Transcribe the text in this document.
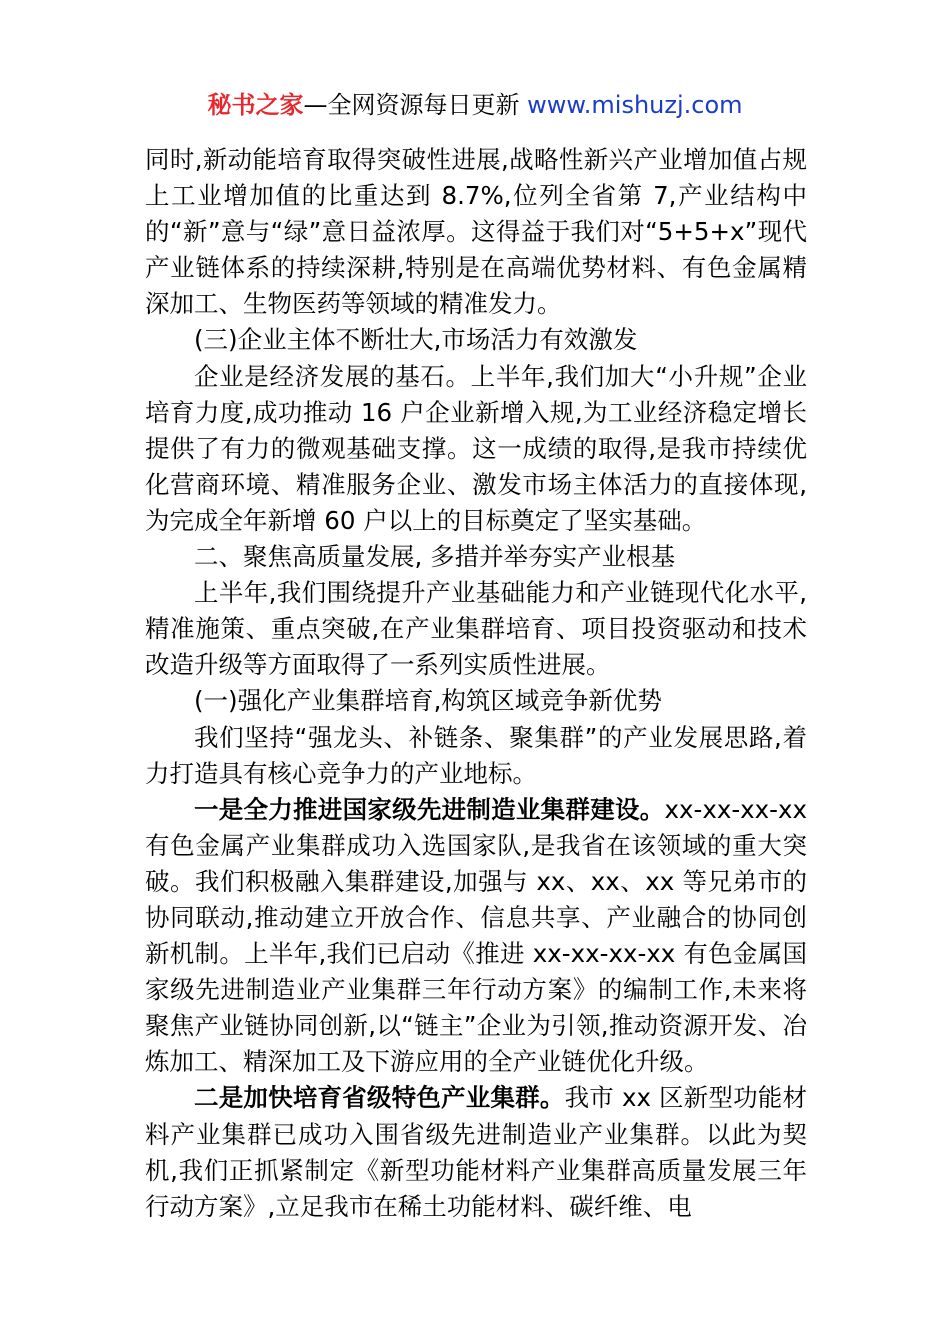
秘书之家—全网资源每日更新 www.mishuzj.com

同时,新动能培育取得突破性进展,战略性新兴产业增加值占规上工业增加值的比重达到 8.7%,位列全省第 7,产业结构中的“新”意与“绿”意日益浓厚。这得益于我们对“5+5+x”现代产业链体系的持续深耕,特别是在高端优势材料、有色金属精深加工、生物医药等领域的精准发力。

(三)企业主体不断壮大,市场活力有效激发

企业是经济发展的基石。上半年,我们加大“小升规”企业培育力度,成功推动 16 户企业新增入规,为工业经济稳定增长提供了有力的微观基础支撑。这一成绩的取得,是我市持续优化营商环境、精准服务企业、激发市场主体活力的直接体现,为完成全年新增 60 户以上的目标奠定了坚实基础。

二、聚焦高质量发展, 多措并举夯实产业根基

上半年,我们围绕提升产业基础能力和产业链现代化水平,精准施策、重点突破,在产业集群培育、项目投资驱动和技术改造升级等方面取得了一系列实质性进展。

(一)强化产业集群培育,构筑区域竞争新优势

我们坚持“强龙头、补链条、聚集群”的产业发展思路,着力打造具有核心竞争力的产业地标。

一是全力推进国家级先进制造业集群建设。xx-xx-xx-xx 有色金属产业集群成功入选国家队,是我省在该领域的重大突破。我们积极融入集群建设,加强与 xx、xx、xx 等兄弟市的协同联动,推动建立开放合作、信息共享、产业融合的协同创新机制。上半年,我们已启动《推进 xx-xx-xx-xx 有色金属国家级先进制造业产业集群三年行动方案》的编制工作,未来将聚焦产业链协同创新,以“链主”企业为引领,推动资源开发、冶炼加工、精深加工及下游应用的全产业链优化升级。

二是加快培育省级特色产业集群。我市 xx 区新型功能材料产业集群已成功入围省级先进制造业产业集群。以此为契机,我们正抓紧制定《新型功能材料产业集群高质量发展三年行动方案》,立足我市在稀土功能材料、碳纤维、电
